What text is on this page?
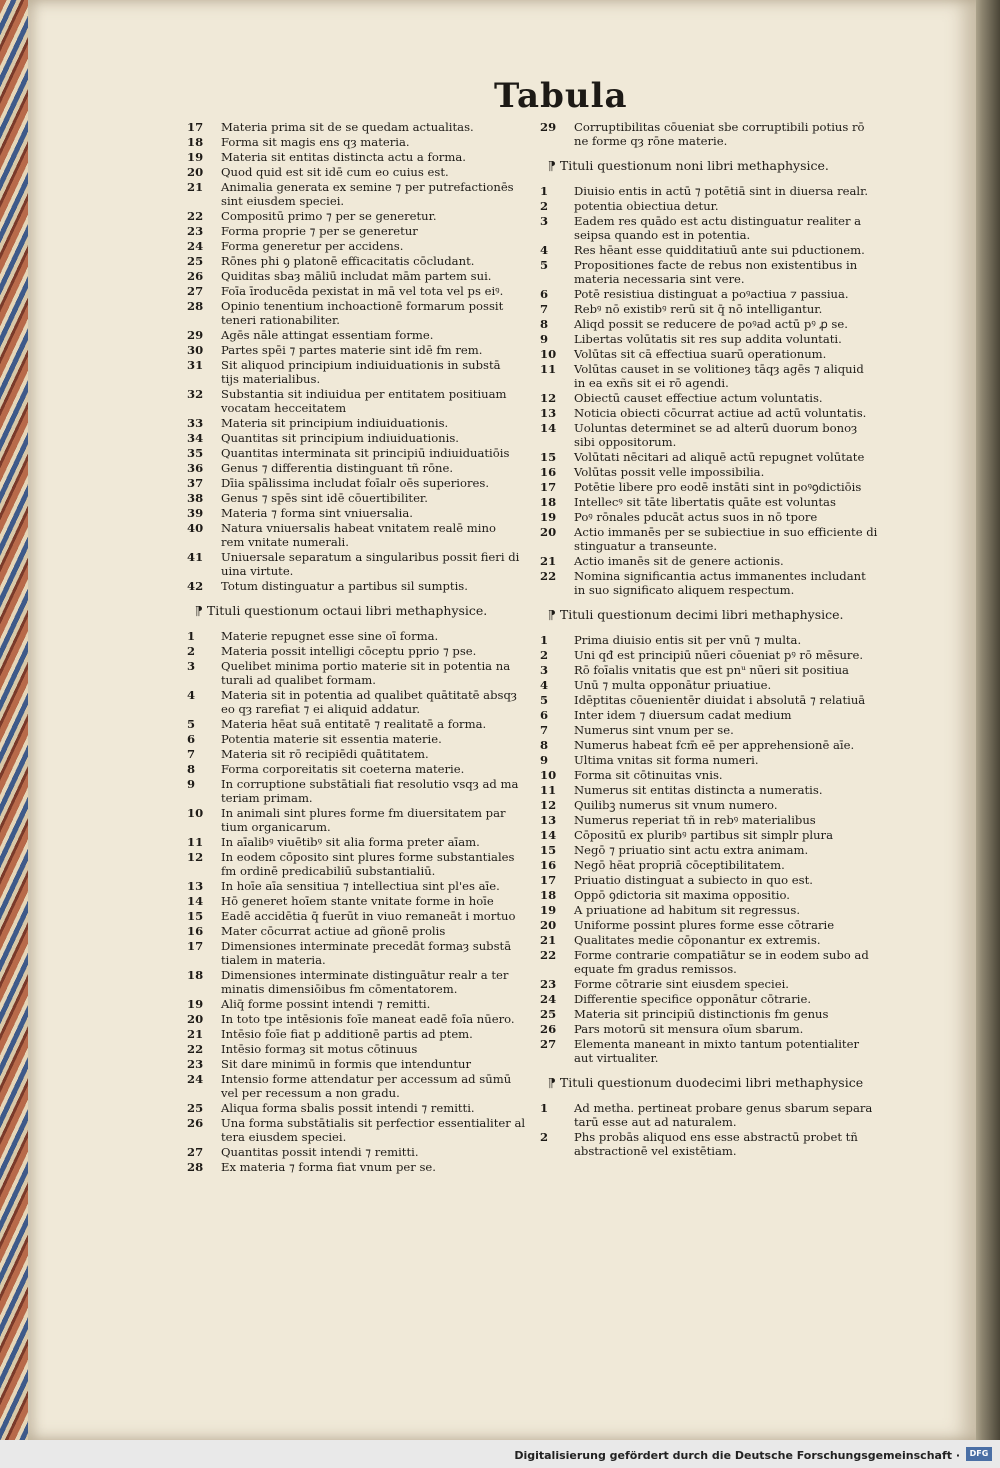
Tabula
17	Materia prima sit de se quedam actualitas.
18	Forma sit magis ens qȝ materia.
19	Materia sit entitas distincta actu a forma.
20	Quod quid est sit idē cum eo cuius est.
21	Animalia generata ex semine ⁊ per putrefactionēs
sint eiusdem speciei.
22	Compositū primo ⁊ per se generetur.
23	Forma proprie ⁊ per se generetur
24	Forma generetur per accidens.
25	Rōnes phi ꝯ platonē efficacitatis cōcludant.
26	Quiditas sbaȝ māliū includat mām partem sui.
27	Foīa īroducēda pexistat in mā vel tota vel ps eiꝰ.
28	Opinio tenentium inchoactionē formarum possit
teneri rationabiliter.
29	Agēs nāle attingat essentiam forme.
30	Partes spēi ⁊ partes materie sint idē fm rem.
31	Sit aliquod principium indiuiduationis in substā
tijs materialibus.
32	Substantia sit indiuidua per entitatem positiuam
vocatam hecceitatem
33	Materia sit principium indiuiduationis.
34	Quantitas sit principium indiuiduationis.
35	Quantitas interminata sit principiū indiuiduatiōis
36	Genus ⁊ differentia distinguant tñ rōne.
37	Dīia spālissima includat foīalr oēs superiores.
38	Genus ⁊ spēs sint idē cōuertibiliter.
39	Materia ⁊ forma sint vniuersalia.
40	Natura vniuersalis habeat vnitatem realē mino
rem vnitate numerali.
41	Uniuersale separatum a singularibus possit fieri di
uina virtute.
42	Totum distinguatur a partibus sil sumptis.
⁋ Tituli questionum octaui libri methaphysice.
1	Materie repugnet esse sine oī forma.
2	Materia possit intelligi cōceptu pprio ⁊ pse.
3	Quelibet minima portio materie sit in potentia na
turali ad qualibet formam.
4	Materia sit in potentia ad qualibet quātitatē absqȝ
eo qȝ rarefiat ⁊ ei aliquid addatur.
5	Materia hēat suā entitatē ⁊ realitatē a forma.
6	Potentia materie sit essentia materie.
7	Materia sit rō recipiēdi quātitatem.
8	Forma corporeitatis sit coeterna materie.
9	In corruptione substātiali fiat resolutio vsqȝ ad ma
teriam primam.
10	In animali sint plures forme fm diuersitatem par
tium organicarum.
11	In aīalibꝰ viuētibꝰ sit alia forma preter aīam.
12	In eodem cōposito sint plures forme substantiales
fm ordinē predicabiliū substantialiū.
13	In hoīe aīa sensitiua ⁊ intellectiua sint pl'es aīe.
14	Hō generet hoīem stante vnitate forme in hoīe
15	Eadē accidētia q̄ fuerūt in viuo remaneāt i mortuo
16	Mater cōcurrat actiue ad gñonē prolis
17	Dimensiones interminate precedāt formaȝ substā
tialem in materia.
18	Dimensiones interminate distinguātur realr a ter
minatis dimensiōibus fm cōmentatorem.
19	Aliq̄ forme possint intendi ⁊ remitti.
20	In toto tpe intēsionis foīe maneat eadē foīa nūero.
21	Intēsio foīe fiat p additionē partis ad ptem.
22	Intēsio formaȝ sit motus cōtinuus
23	Sit dare minimū in formis que intenduntur
24	Intensio forme attendatur per accessum ad sūmū
vel per recessum a non gradu.
25	Aliqua forma sbalis possit intendi ⁊ remitti.
26	Una forma substātialis sit perfectior essentialiter al
tera eiusdem speciei.
27	Quantitas possit intendi ⁊ remitti.
28	Ex materia ⁊ forma fiat vnum per se.
29	Corruptibilitas cōueniat sbe corruptibili potius rō
ne forme qȝ rōne materie.
⁋ Tituli questionum noni libri methaphysice.
1	Diuisio entis in actū ⁊ potētiā sint in diuersa realr.
2	potentia obiectiua detur.
3	Eadem res quādo est actu distinguatur realiter a
seipsa quando est in potentia.
4	Res hēant esse quidditatiuū ante sui pductionem.
5	Propositiones facte de rebus non existentibus in
materia necessaria sint vere.
6	Potē resistiua distinguat a poꝰactiua ⁊ passiua.
7	Rebꝰ nō existibꝰ rerū sit q̄ nō intelligantur.
8	Aliqd possit se reducere de poꝰad actū pꝰ ꝓ se.
9	Libertas volūtatis sit res sup addita voluntati.
10	Volūtas sit cā effectiua suarū operationum.
11	Volūtas causet in se volitioneȝ tāqȝ agēs ⁊ aliquid
in ea exñs sit ei rō agendi.
12	Obiectū causet effectiue actum voluntatis.
13	Noticia obiecti cōcurrat actiue ad actū voluntatis.
14	Uoluntas determinet se ad alterū duorum bonoȝ
sibi oppositorum.
15	Volūtati nēcitari ad aliquē actū repugnet volūtate
16	Volūtas possit velle impossibilia.
17	Potētie libere pro eodē instāti sint in poꝰꝯdictiōis
18	Intellecꝰ sit tāte libertatis quāte est voluntas
19	Poꝰ rōnales pducāt actus suos in nō tpore
20	Actio immanēs per se subiectiue in suo efficiente di
stinguatur a transeunte.
21	Actio imanēs sit de genere actionis.
22	Nomina significantia actus immanentes includant
in suo significato aliquem respectum.
⁋ Tituli questionum decimi libri methaphysice.
1	Prima diuisio entis sit per vnū ⁊ multa.
2	Uni qđ est principiū nūeri cōueniat pꝰ rō mēsure.
3	Rō foīalis vnitatis que est pnᵘ nūeri sit positiua
4	Unū ⁊ multa opponātur priuatiue.
5	Idēptitas cōuenientēr diuidat i absolutā ⁊ relatiuā
6	Inter idem ⁊ diuersum cadat medium
7	Numerus sint vnum per se.
8	Numerus habeat fcm̄ eē per apprehensionē aīe.
9	Ultima vnitas sit forma numeri.
10	Forma sit cōtinuitas vnis.
11	Numerus sit entitas distincta a numeratis.
12	Quilibꝫ numerus sit vnum numero.
13	Numerus reperiat tñ in rebꝰ materialibus
14	Cōpositū ex pluribꝰ partibus sit simplr plura
15	Negō ⁊ priuatio sint actu extra animam.
16	Negō hēat propriā cōceptibilitatem.
17	Priuatio distinguat a subiecto in quo est.
18	Oppō ꝯdictoria sit maxima oppositio.
19	A priuatione ad habitum sit regressus.
20	Uniforme possint plures forme esse cōtrarie
21	Qualitates medie cōponantur ex extremis.
22	Forme contrarie compatiātur se in eodem subo ad
equate fm gradus remissos.
23	Forme cōtrarie sint eiusdem speciei.
24	Differentie specifice opponātur cōtrarie.
25	Materia sit principiū distinctionis fm genus
26	Pars motorū sit mensura oīum sbarum.
27	Elementa maneant in mixto tantum potentialiter
aut virtualiter.
⁋ Tituli questionum duodecimi libri methaphysice
1	Ad metha. pertineat probare genus sbarum separa
tarū esse aut ad naturalem.
2	Phs probās aliquod ens esse abstractū probet tñ
abstractionē vel existētiam.
Digitalisierung gefördert durch die Deutsche Forschungsgemeinschaft ·	DFG
